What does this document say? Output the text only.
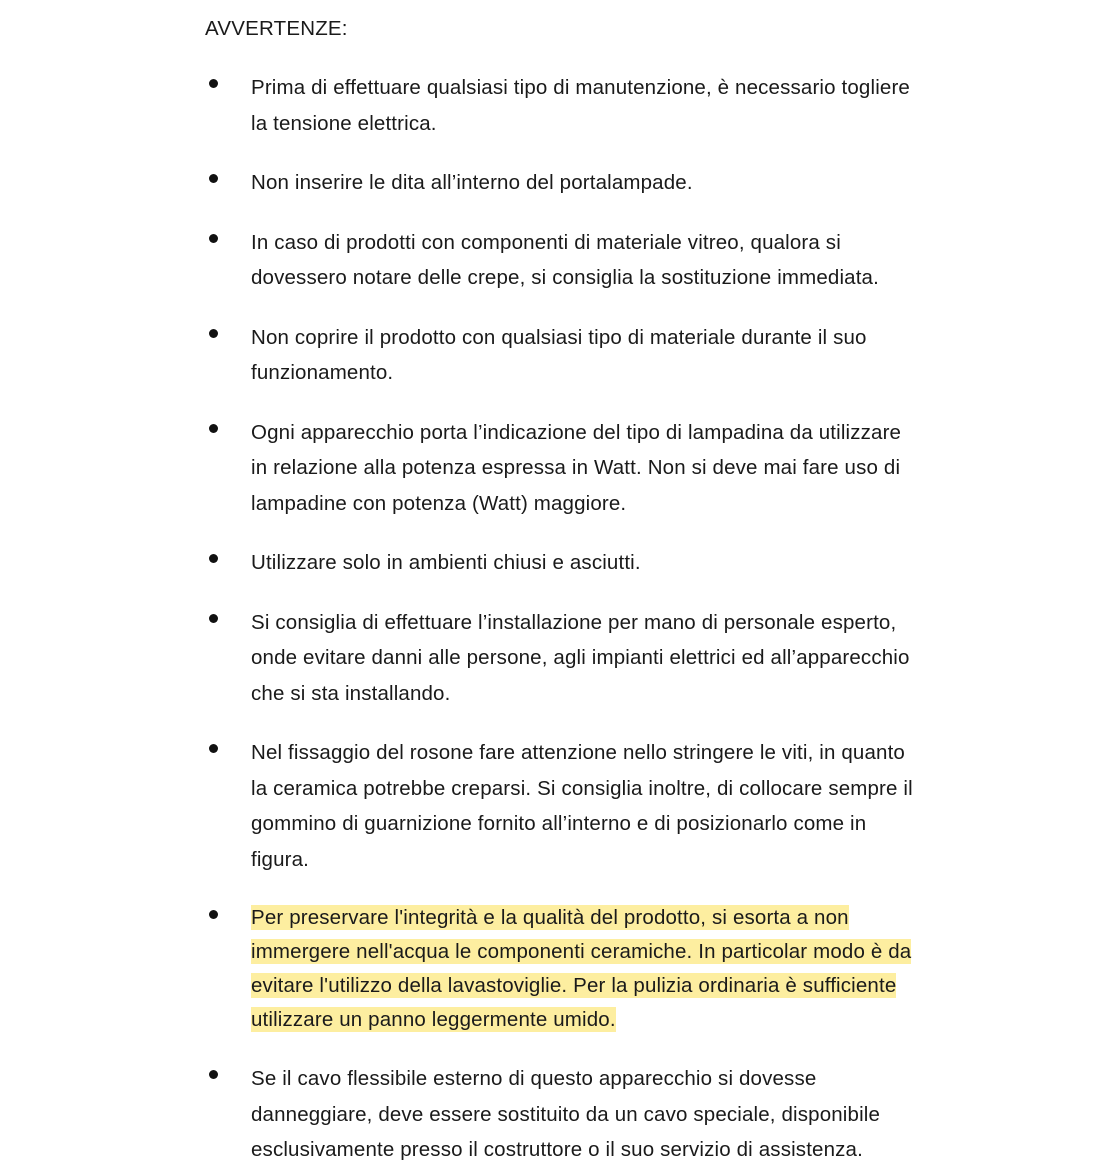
AVVERTENZE:
Prima di effettuare qualsiasi tipo di manutenzione, è necessario togliere la tensione elettrica.
Non inserire le dita all’interno del portalampade.
In caso di prodotti con componenti di materiale vitreo, qualora si dovessero notare delle crepe, si consiglia la sostituzione immediata.
Non coprire il prodotto con qualsiasi tipo di materiale durante il suo funzionamento.
Ogni apparecchio porta l’indicazione del tipo di lampadina da utilizzare in relazione alla potenza espressa in Watt. Non si deve mai fare uso di lampadine con potenza (Watt) maggiore.
Utilizzare solo in ambienti chiusi e asciutti.
Si consiglia di effettuare l’installazione per mano di personale esperto, onde evitare danni alle persone, agli impianti elettrici ed all’apparecchio che si sta installando.
Nel fissaggio del rosone fare attenzione nello stringere le viti, in quanto la ceramica potrebbe creparsi. Si consiglia inoltre, di collocare sempre il gommino di guarnizione fornito all’interno e di posizionarlo come in figura.
Per preservare l'integrità e la qualità del prodotto, si esorta a non immergere nell'acqua le componenti ceramiche. In particolar modo è da evitare l'utilizzo della lavastoviglie. Per la pulizia ordinaria è sufficiente utilizzare un panno leggermente umido.
Se il cavo flessibile esterno di questo apparecchio si dovesse danneggiare, deve essere sostituito da un cavo speciale, disponibile esclusivamente presso il costruttore o il suo servizio di assistenza.
